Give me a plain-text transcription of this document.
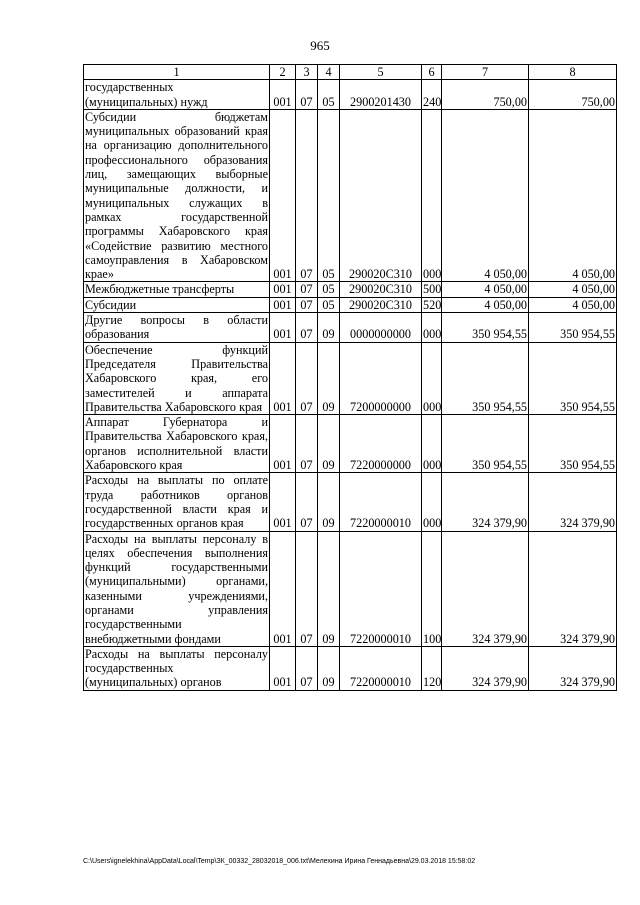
965
1	2	3	4	5	6	7	8
государственных (муниципальных) нужд	001	07	05	2900201430	240	750,00	750,00
Субсидии бюджетам муниципальных образований края на организацию дополнительного профессионального образования лиц, замещающих выборные муниципальные должности, и муниципальных служащих в рамках государственной программы Хабаровского края «Содействие развитию местного самоуправления в Хабаровском крае»	001	07	05	290020C310	000	4 050,00	4 050,00
Межбюджетные трансферты	001	07	05	290020C310	500	4 050,00	4 050,00
Субсидии	001	07	05	290020C310	520	4 050,00	4 050,00
Другие вопросы в области образования	001	07	09	0000000000	000	350 954,55	350 954,55
Обеспечение функций Председателя Правительства Хабаровского края, его заместителей и аппарата Правительства Хабаровского края	001	07	09	7200000000	000	350 954,55	350 954,55
Аппарат Губернатора и Правительства Хабаровского края, органов исполнительной власти Хабаровского края	001	07	09	7220000000	000	350 954,55	350 954,55
Расходы на выплаты по оплате труда работников органов государственной власти края и государственных органов края	001	07	09	7220000010	000	324 379,90	324 379,90
Расходы на выплаты персоналу в целях обеспечения выполнения функций государственными (муниципальными) органами, казенными учреждениями, органами управления государственными внебюджетными фондами	001	07	09	7220000010	100	324 379,90	324 379,90
Расходы на выплаты персоналу государственных (муниципальных) органов	001	07	09	7220000010	120	324 379,90	324 379,90
C:\Users\ignelekhina\AppData\Local\Temp\ЗК_00332_28032018_006.txt\Мелехина Ирина Геннадьевна\29.03.2018 15:58:02
